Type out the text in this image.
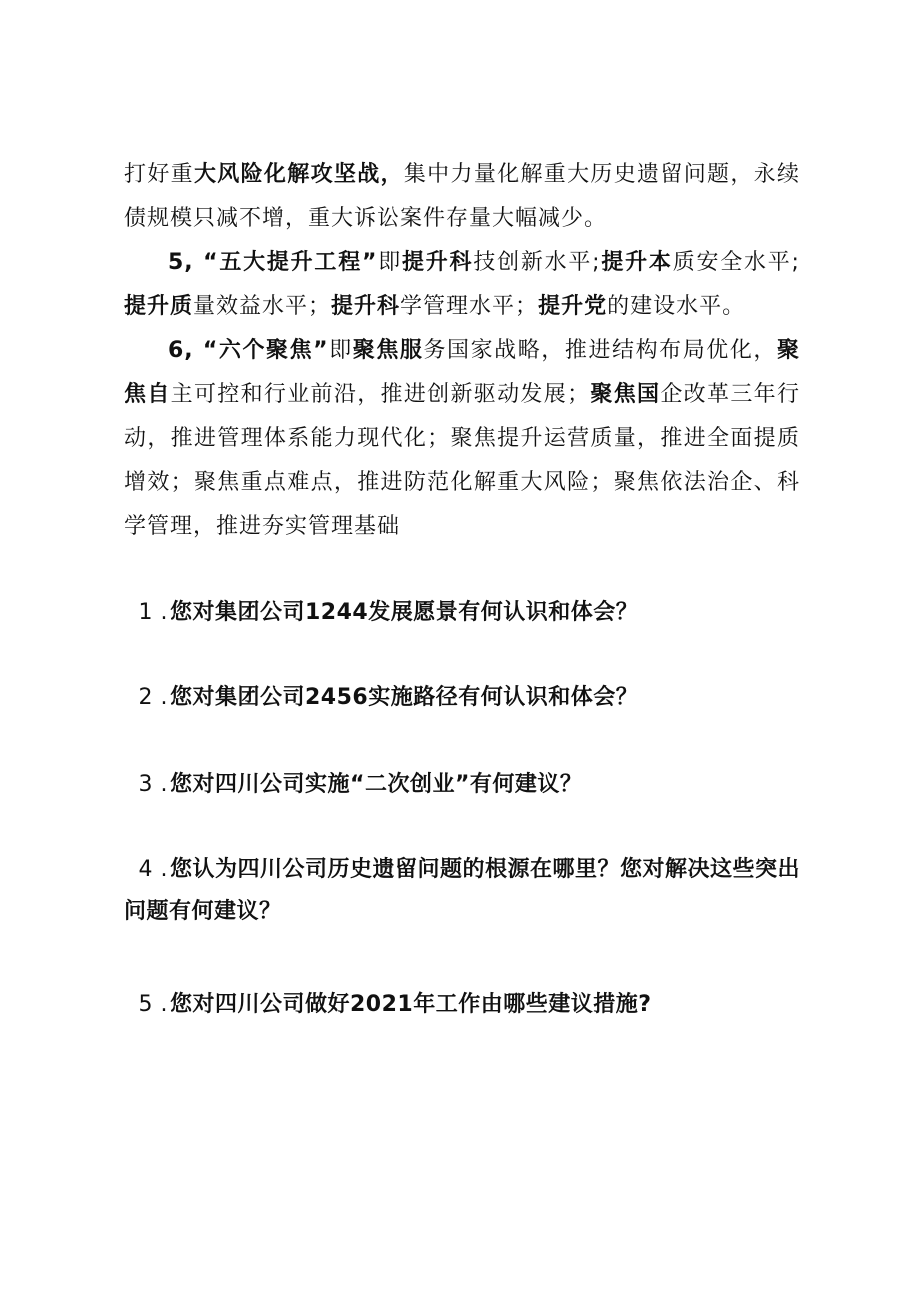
打好重大风险化解攻坚战，集中力量化解重大历史遗留问题，永续债规模只减不增，重大诉讼案件存量大幅减少。

5, “五大提升工程”即提升科技创新水平;提升本质安全水平;提升质量效益水平；提升科学管理水平；提升党的建设水平。

6, “六个聚焦”即聚焦服务国家战略，推进结构布局优化，聚焦自主可控和行业前沿，推进创新驱动发展；聚焦国企改革三年行动，推进管理体系能力现代化；聚焦提升运营质量，推进全面提质增效；聚焦重点难点，推进防范化解重大风险；聚焦依法治企、科学管理，推进夯实管理基础

1 .您对集团公司1244发展愿景有何认识和体会？

2 .您对集团公司2456实施路径有何认识和体会？

3 .您对四川公司实施“二次创业”有何建议？

4 .您认为四川公司历史遗留问题的根源在哪里？您对解决这些突出问题有何建议？

5 .您对四川公司做好2021年工作由哪些建议措施?
